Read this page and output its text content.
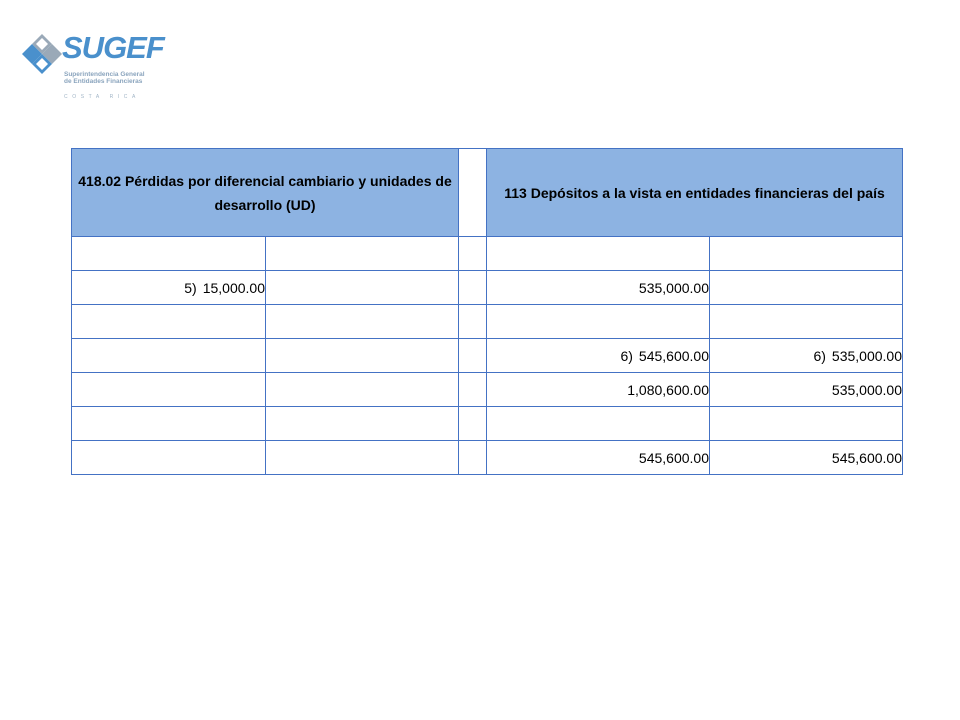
SUGEF
Superintendencia General
de Entidades Financieras
COSTA RICA
418.02 Pérdidas por diferencial cambiario y unidades de desarrollo (UD)			113 Depósitos a la vista en entidades financieras del país	

5) 15,000.00			535,000.00	

			6) 545,600.00	6) 535,000.00
			1,080,600.00	535,000.00

			545,600.00	545,600.00
